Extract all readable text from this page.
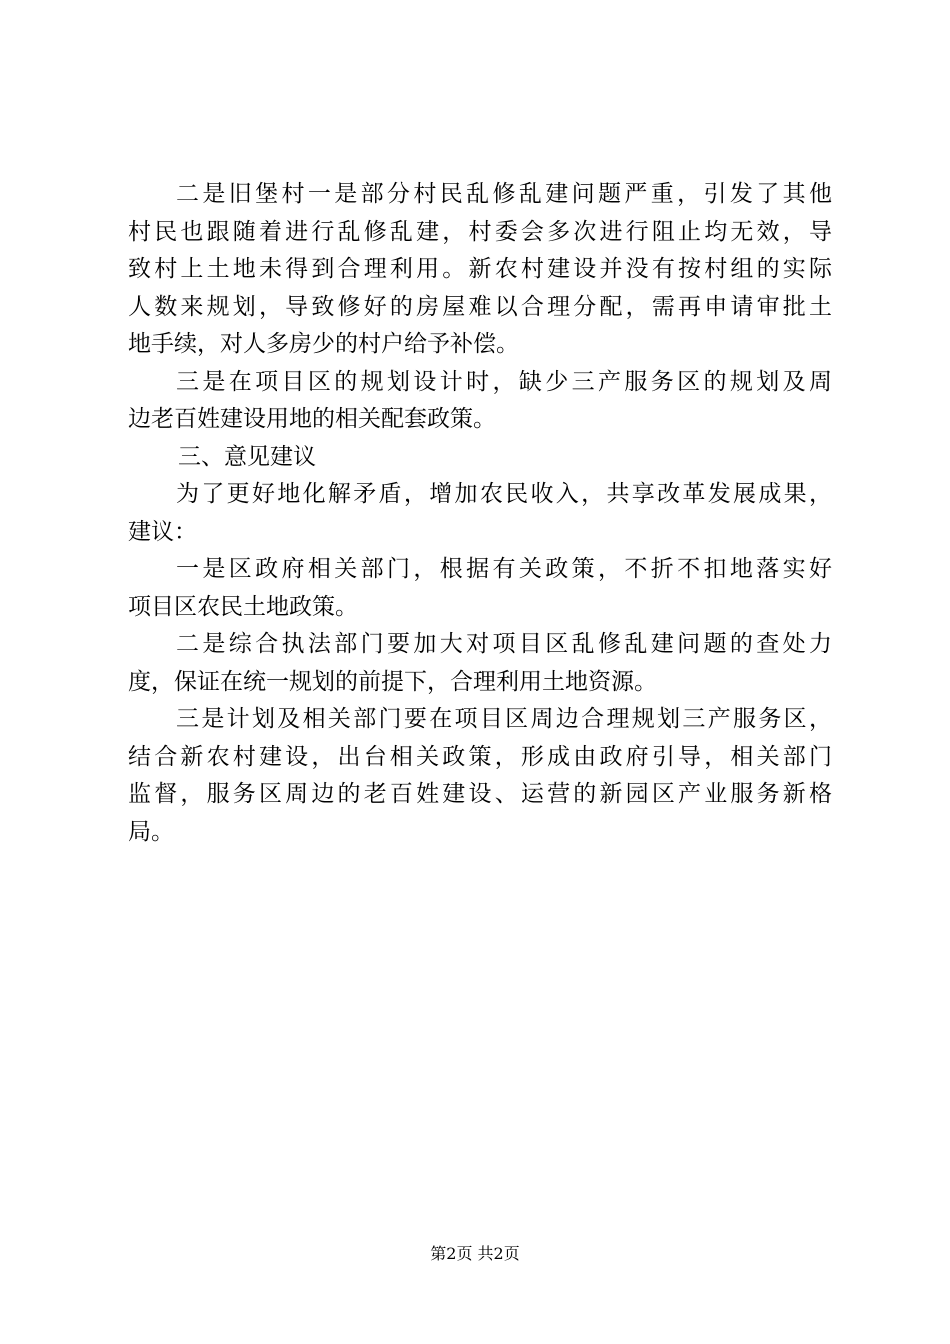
二是旧堡村一是部分村民乱修乱建问题严重，引发了其他
村民也跟随着进行乱修乱建，村委会多次进行阻止均无效，导
致村上土地未得到合理利用。新农村建设并没有按村组的实际
人数来规划，导致修好的房屋难以合理分配，需再申请审批土
地手续，对人多房少的村户给予补偿。
三是在项目区的规划设计时，缺少三产服务区的规划及周
边老百姓建设用地的相关配套政策。
三、意见建议
为了更好地化解矛盾，增加农民收入，共享改革发展成果，
建议：
一是区政府相关部门，根据有关政策，不折不扣地落实好
项目区农民土地政策。
二是综合执法部门要加大对项目区乱修乱建问题的查处力
度，保证在统一规划的前提下，合理利用土地资源。
三是计划及相关部门要在项目区周边合理规划三产服务区，
结合新农村建设，出台相关政策，形成由政府引导，相关部门
监督，服务区周边的老百姓建设、运营的新园区产业服务新格
局。
第2页 共2页
